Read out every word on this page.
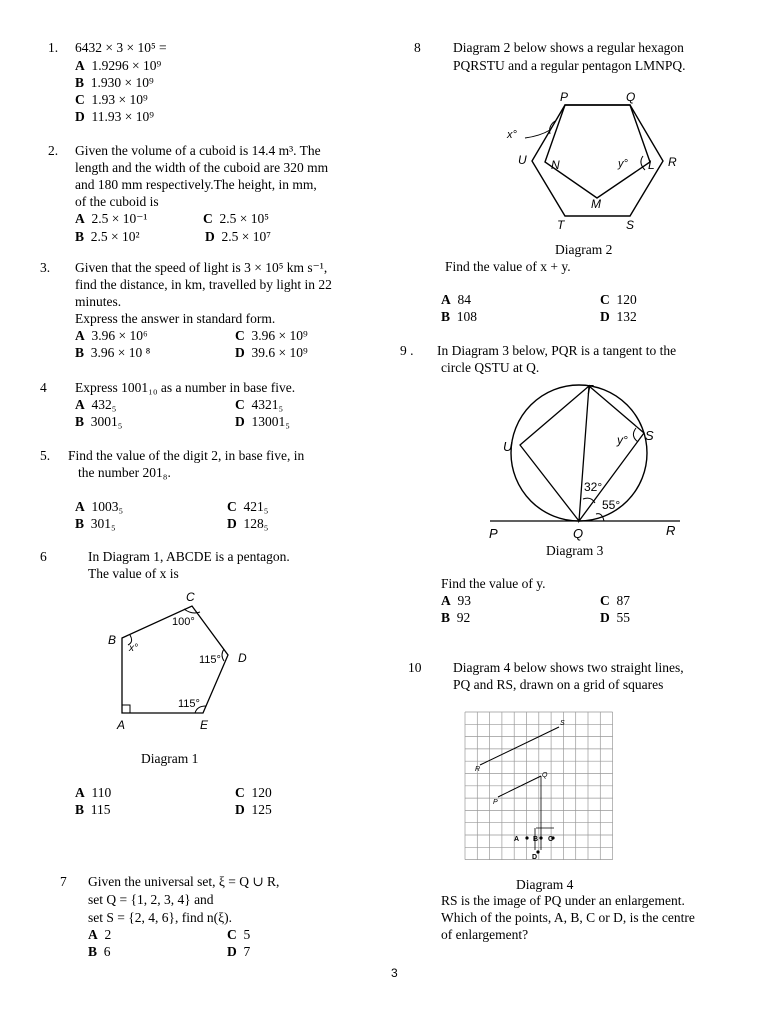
1. 6432 × 3 × 10⁵ =
A 1.9296 × 10⁹
B 1.930 × 10⁹
C 1.93 × 10⁹
D 11.93 × 10⁹
2. Given the volume of a cuboid is 14.4 m³. The
length and the width of the cuboid are 320 mm
and 180 mm respectively.The height, in mm,
of the cuboid is
A 2.5 × 10⁻¹	C 2.5 × 10⁵
B 2.5 × 10²	D 2.5 × 10⁷
3. Given that the speed of light is 3 × 10⁵ km s⁻¹,
find the distance, in km, travelled by light in 22
minutes.
Express the answer in standard form.
A 3.96 × 10⁶	C 3.96 × 10⁹
B 3.96 × 10 ⁸	D 39.6 × 10⁹
4 Express 1001₁₀ as a number in base five.
A 432₅	C 4321₅
B 3001₅	D 13001₅
5. Find the value of the digit 2, in base five, in
the number 201₈.
A 1003₅	C 421₅
B 301₅	D 128₅
6	In Diagram 1, ABCDE is a pentagon.
The value of x is
C
B
D
A	E
x°
100°
115°
115°
Diagram 1
A 110	C 120
B 115	D 125
7 Given the universal set, ξ = Q ∪ R,
set Q = {1, 2, 3, 4} and
set S = {2, 4, 6}, find n(ξ).
A 2	C 5
B 6	D 7
8 Diagram 2 below shows a regular hexagon
PQRSTU and a regular pentagon LMNPQ.
P	Q
R
S
T
U N
M
L
x°
y°
Diagram 2
Find the value of x + y.
A 84	C 120
B 108	D 132
9 . In Diagram 3 below, PQR is a tangent to the
circle QSTU at Q.
T
U
S
P	Q	R
y°
32°
55°
Diagram 3
Find the value of y.
A 93	C 87
B 92	D 55
10 Diagram 4 below shows two straight lines,
PQ and RS, drawn on a grid of squares
S
R
Q
P
A B C
D
Diagram 4
RS is the image of PQ under an enlargement.
Which of the points, A, B, C or D, is the centre
of enlargement?
3
